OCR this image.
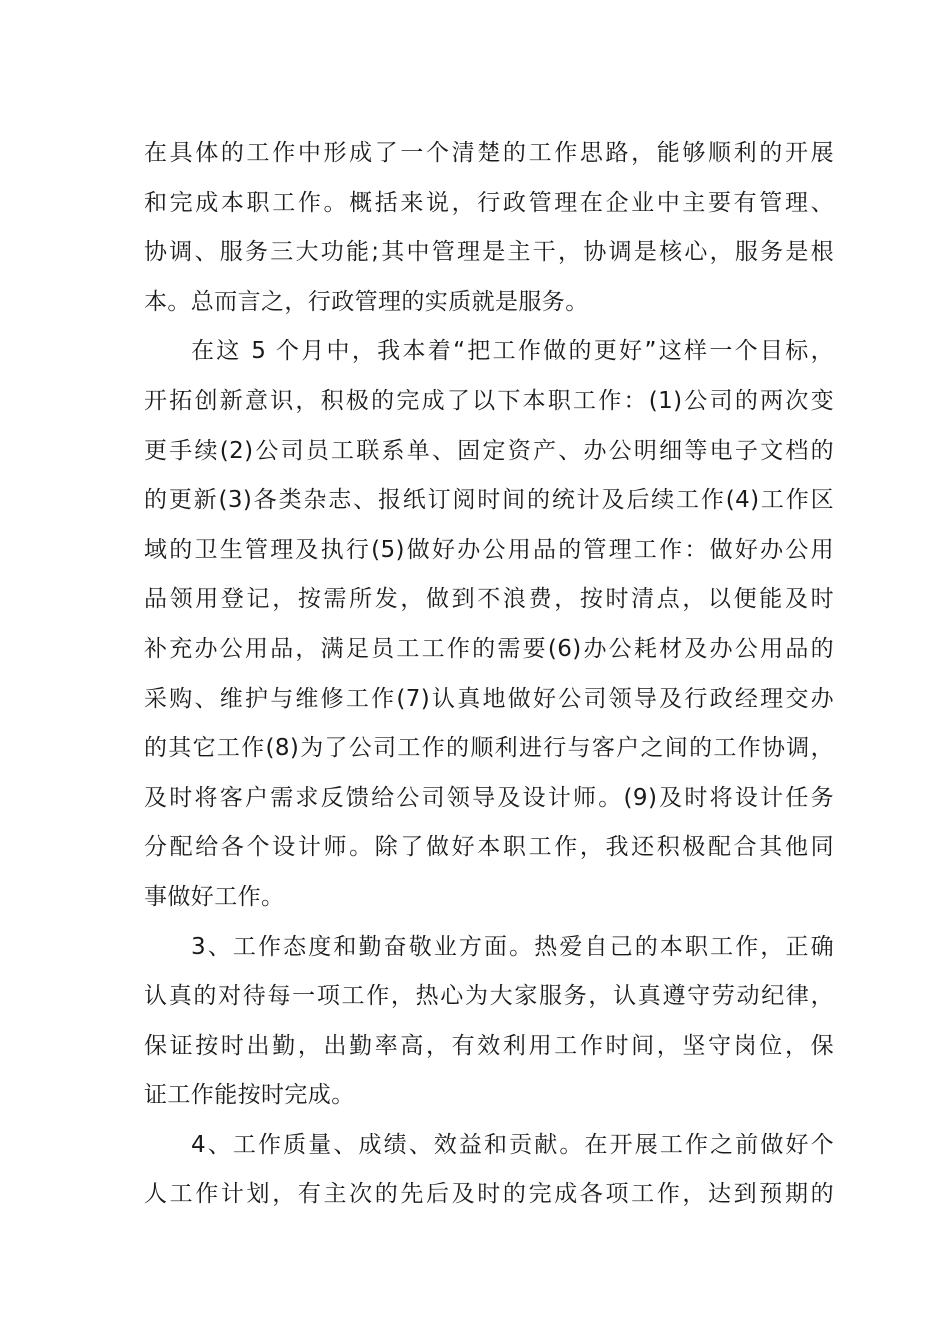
在具体的工作中形成了一个清楚的工作思路，能够顺利的开展
和完成本职工作。概括来说，行政管理在企业中主要有管理、
协调、服务三大功能;其中管理是主干，协调是核心，服务是根
本。总而言之，行政管理的实质就是服务。
在这 5 个月中，我本着“把工作做的更好”这样一个目标，
开拓创新意识，积极的完成了以下本职工作：(1)公司的两次变
更手续(2)公司员工联系单、固定资产、办公明细等电子文档的
的更新(3)各类杂志、报纸订阅时间的统计及后续工作(4)工作区
域的卫生管理及执行(5)做好办公用品的管理工作：做好办公用
品领用登记，按需所发，做到不浪费，按时清点，以便能及时
补充办公用品，满足员工工作的需要(6)办公耗材及办公用品的
采购、维护与维修工作(7)认真地做好公司领导及行政经理交办
的其它工作(8)为了公司工作的顺利进行与客户之间的工作协调，
及时将客户需求反馈给公司领导及设计师。(9)及时将设计任务
分配给各个设计师。除了做好本职工作，我还积极配合其他同
事做好工作。
3、工作态度和勤奋敬业方面。热爱自己的本职工作，正确
认真的对待每一项工作，热心为大家服务，认真遵守劳动纪律，
保证按时出勤，出勤率高，有效利用工作时间，坚守岗位，保
证工作能按时完成。
4、工作质量、成绩、效益和贡献。在开展工作之前做好个
人工作计划，有主次的先后及时的完成各项工作，达到预期的
